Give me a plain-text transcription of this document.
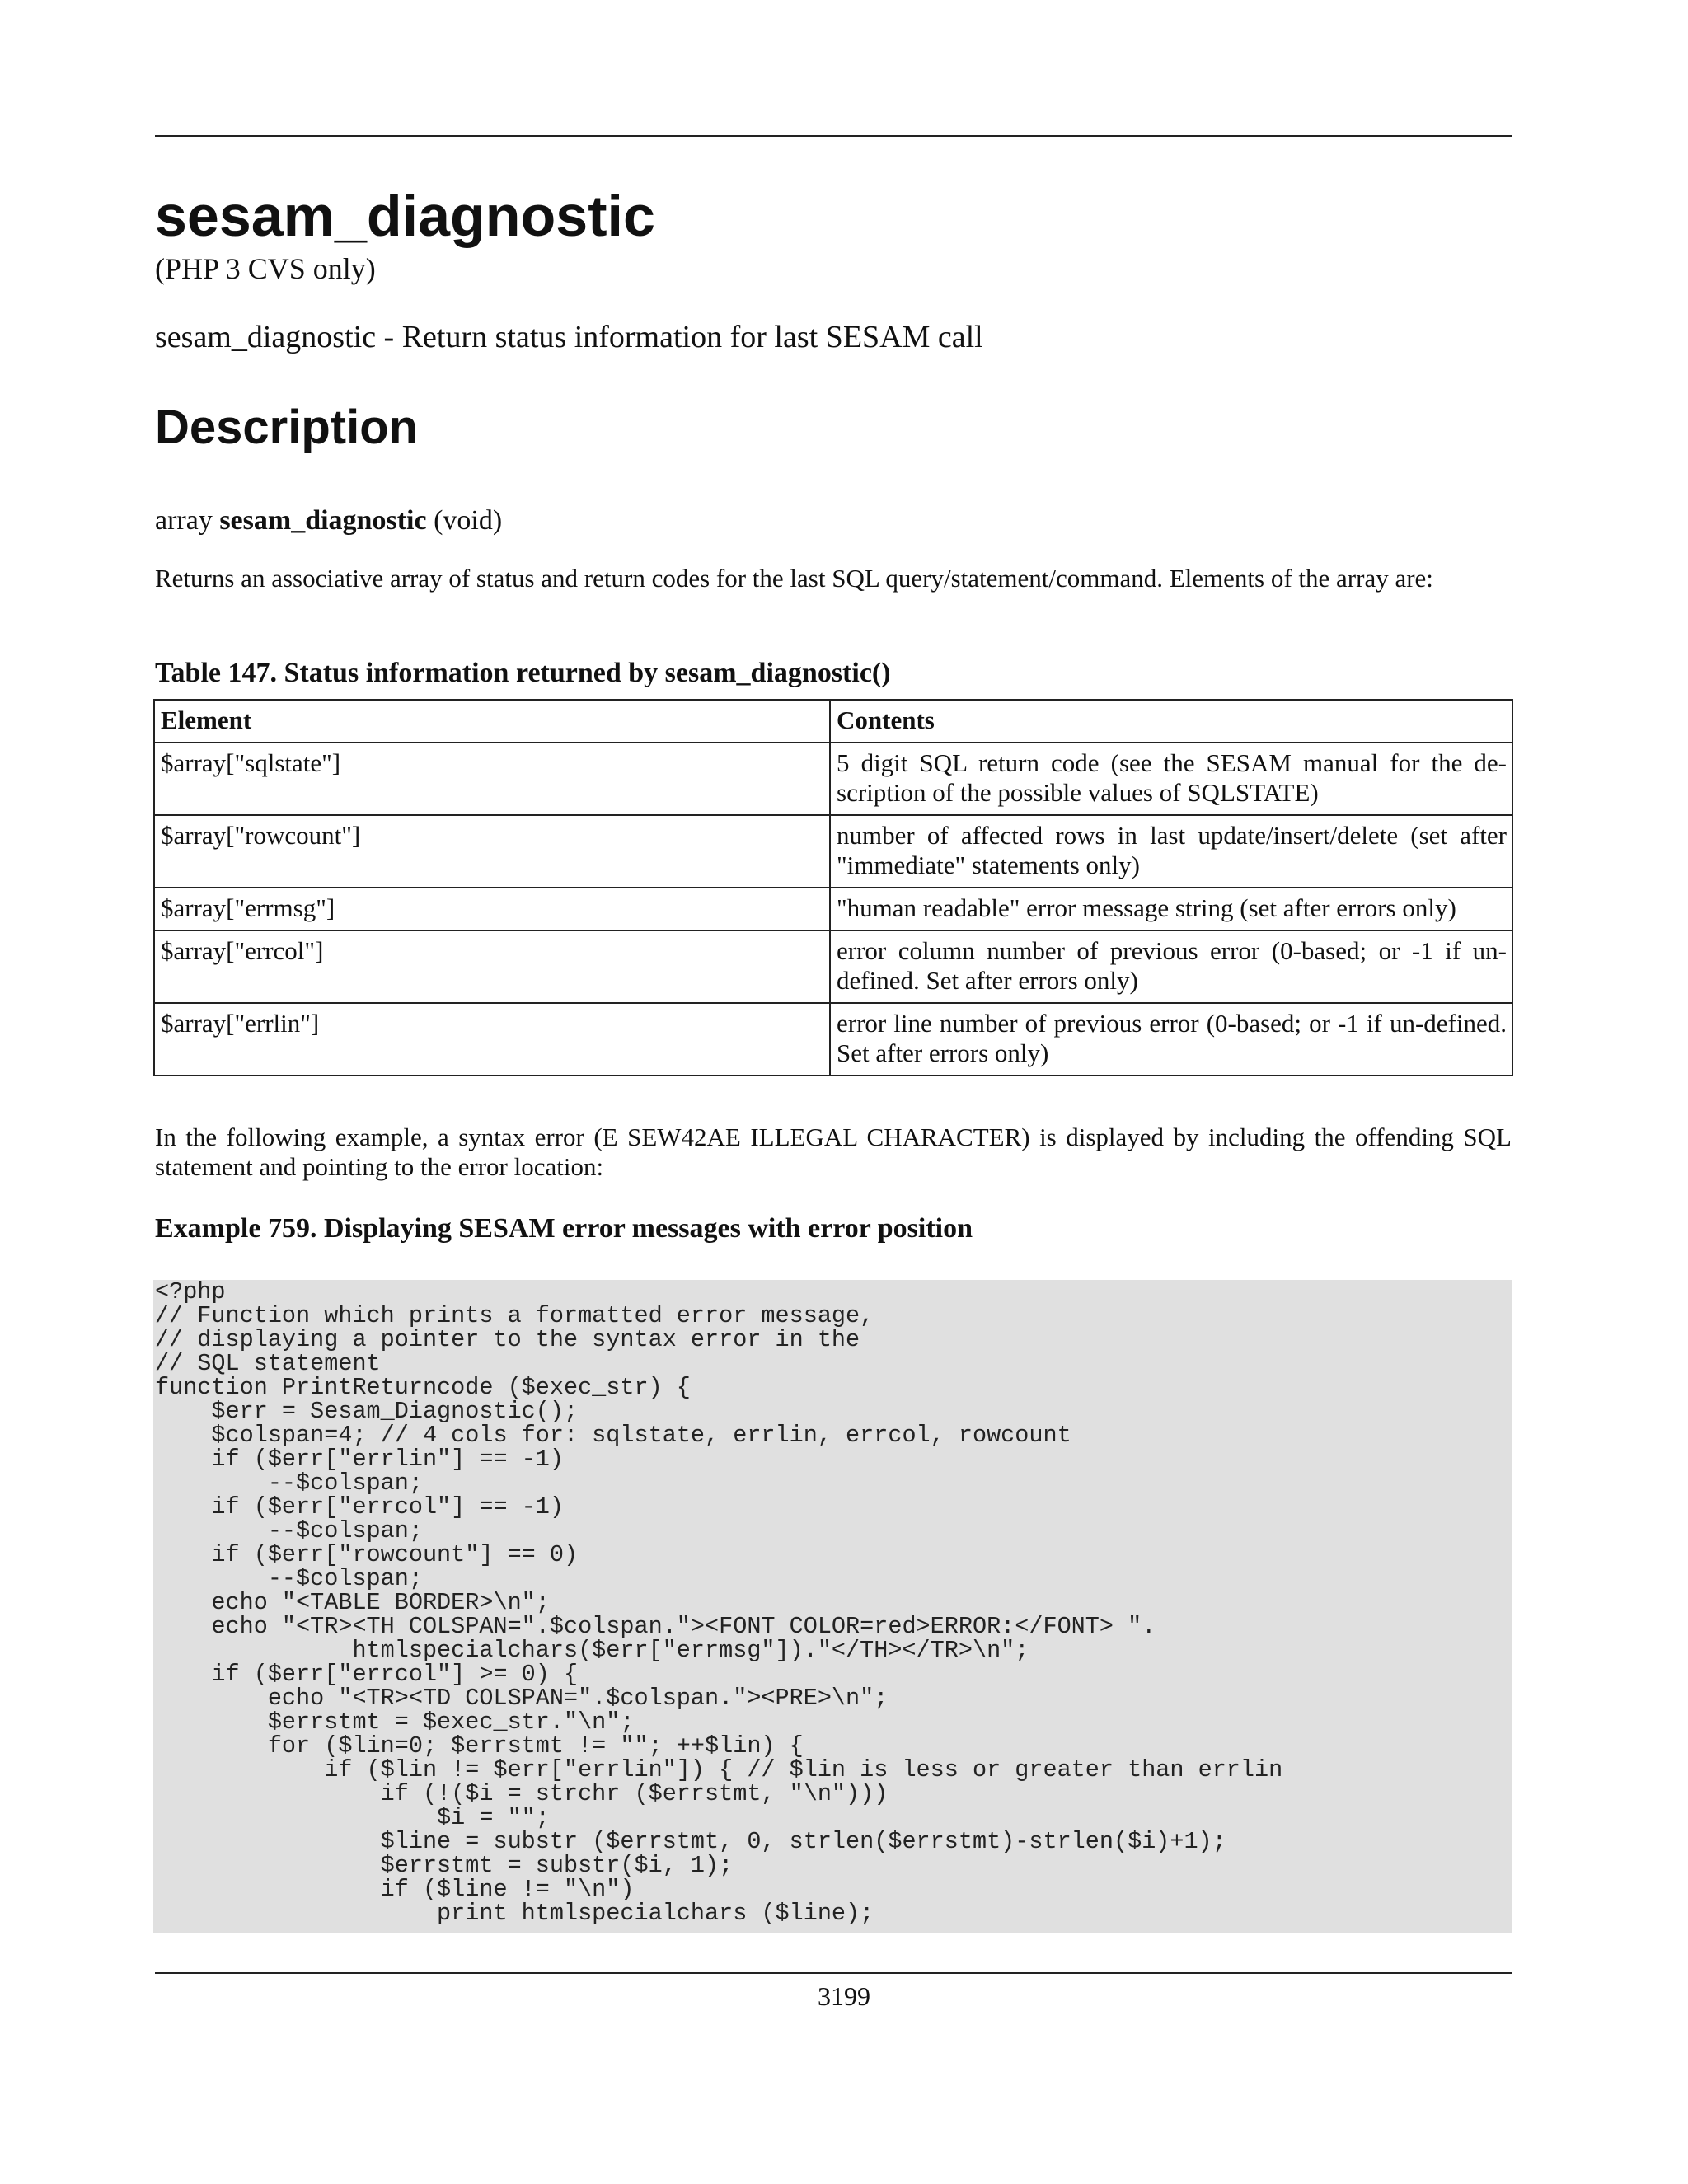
sesam_diagnostic
(PHP 3 CVS only)
sesam_diagnostic - Return status information for last SESAM call
Description
array sesam_diagnostic (void)
Returns an associative array of status and return codes for the last SQL query/statement/command. Elements of the array are:
Table 147. Status information returned by sesam_diagnostic()
Element	Contents
$array["sqlstate"]	5 digit SQL return code (see the SESAM manual for the de-scription of the possible values of SQLSTATE)
$array["rowcount"]	number of affected rows in last update/insert/delete (set after "immediate" statements only)
$array["errmsg"]	"human readable" error message string (set after errors only)
$array["errcol"]	error column number of previous error (0-based; or -1 if un-defined. Set after errors only)
$array["errlin"]	error line number of previous error (0-based; or -1 if un-defined. Set after errors only)
In the following example, a syntax error (E SEW42AE ILLEGAL CHARACTER) is displayed by including the offending SQL statement and pointing to the error location:
Example 759. Displaying SESAM error messages with error position
<?php
// Function which prints a formatted error message,
// displaying a pointer to the syntax error in the
// SQL statement
function PrintReturncode ($exec_str) {
$err = Sesam_Diagnostic();
$colspan=4; // 4 cols for: sqlstate, errlin, errcol, rowcount
if ($err["errlin"] == -1)
--$colspan;
if ($err["errcol"] == -1)
--$colspan;
if ($err["rowcount"] == 0)
--$colspan;
echo "<TABLE BORDER>\n";
echo "<TR><TH COLSPAN=".$colspan."><FONT COLOR=red>ERROR:</FONT> ".
htmlspecialchars($err["errmsg"])."</TH></TR>\n";
if ($err["errcol"] >= 0) {
echo "<TR><TD COLSPAN=".$colspan."><PRE>\n";
$errstmt = $exec_str."\n";
for ($lin=0; $errstmt != ""; ++$lin) {
if ($lin != $err["errlin"]) { // $lin is less or greater than errlin
if (!($i = strchr ($errstmt, "\n")))
$i = "";
$line = substr ($errstmt, 0, strlen($errstmt)-strlen($i)+1);
$errstmt = substr($i, 1);
if ($line != "\n")
print htmlspecialchars ($line);
3199
